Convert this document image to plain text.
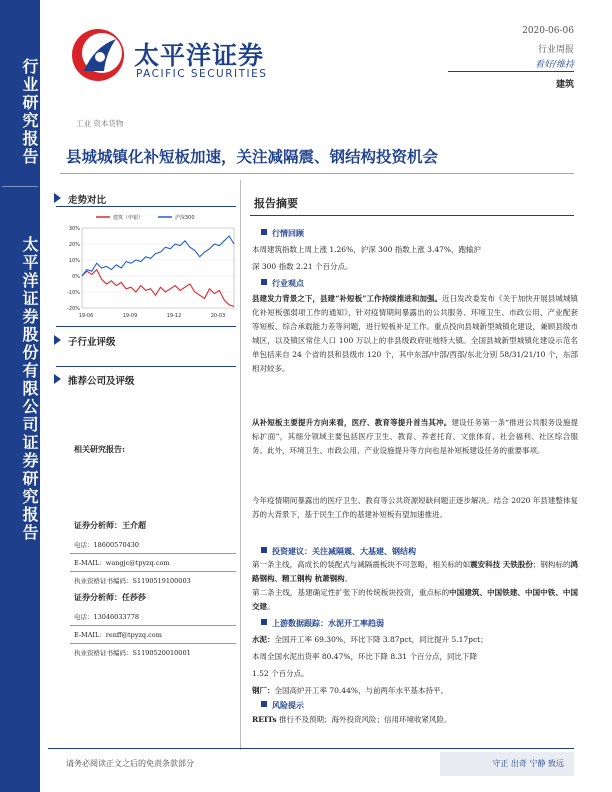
行业研究报告
太平洋证券股份有限公司证券研究报告
太平洋证券
PACIFIC SECURITIES
2020-06-06
行业周报
看好/维持
建筑
工业 资本货物
县城城镇化补短板加速，关注减隔震、钢结构投资机会
走势对比
30%
20%
10%
0%
-10%
-20%
19-06	19-09	19-12	20-03
建筑（申银）	沪深300
子行业评级
推荐公司及评级
相关研究报告:
证券分析师：王介超
电话：18600570430
E-MAIL：wangjc@tpyzq.com
执业资格证书编码：S1190519100003
证券分析师：任莎莎
电话：13046033778
E-MAIL：renff@tpyzq.com
执业资格证书编码：S1190520010001
报告摘要
行情回顾
本周建筑指数上周上涨 1.26%，沪深 300 指数上涨 3.47%，跑输沪
深 300 指数 2.21 个百分点。
行业观点
县建发力背景之下，县建“补短板”工作持续推进和加强。近日发改委发布《关于加快开展县城城镇化补短板强弱项工作的通知》，针对疫情期间暴露出的公共服务、环境卫生、市政公用、产业配套等短板、综合承载能力差等问题，进行短板补足工作。重点投向县城新型城镇化建设，兼顾县级市城区，以及镇区常住人口 100 万以上的非县级政府驻地特大镇。全国县城新型城镇化建设示范名单包括来自 24 个省的县和县级市 120 个，其中东部/中部/西部/东北分别 58/31/21/10 个，东部相对较多。
从补短板主要提升方向来看，医疗、教育等提升首当其冲。建设任务第一条“推进公共服务设施提标扩面”，其细分领域主要包括医疗卫生、教育、养老托育、文旅体育、社会福利、社区综合服务。此外，环境卫生、市政公用、产业设施提升等方向也是补短板建设任务的重要事项。
今年疫情期间暴露出的医疗卫生、教育等公共资源短缺问题正逐步解决。结合 2020 年县建整体复苏的大背景下，基于民生工作的基建补短板有望加速推进。
投资建议：关注减隔震、大基建、钢结构
第一条主线，高成长的装配式与减隔震板块不可忽略，相关标的如震安科技 天铁股份；钢构标的鸿路钢构、精工钢构 杭萧钢构。
第二条主线，基建确定性扩张下的传统板块投资，重点标的中国建筑、中国铁建、中国中铁、中国交建。
上游数据跟踪：水泥开工率趋弱
水泥：全国开工率 69.30%，环比下降 3.87pct，同比提升 5.17pct；
本周全国水泥出货率 80.47%，环比下降 8.31 个百分点，同比下降
1.52 个百分点。
钢厂：全国高炉开工率 70.44%，与前两年水平基本持平。
风险提示
REITs 推行不及预期；海外投资风险；信用环境收紧风险。
请务必阅读正文之后的免责条款部分	守正 出奇 宁静 致远
